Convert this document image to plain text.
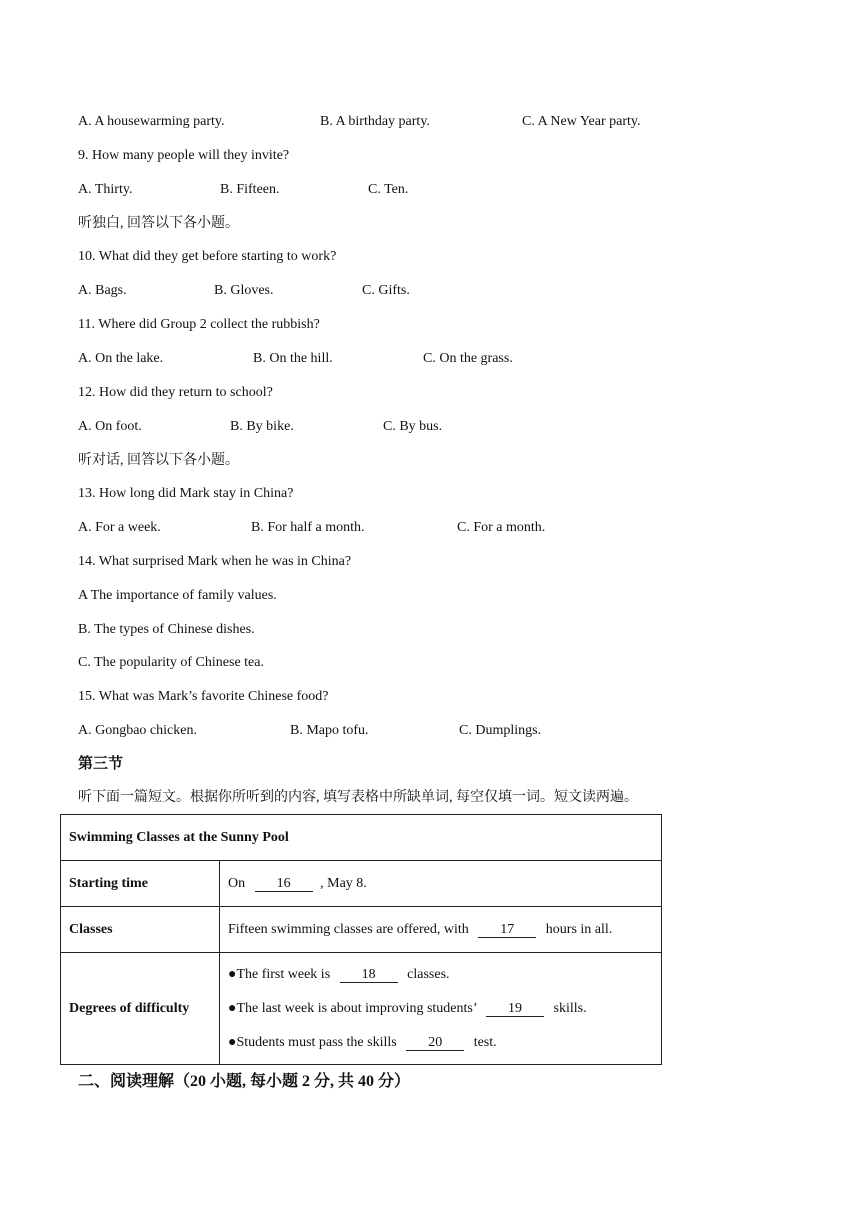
A. A housewarming party.	B. A birthday party.	C. A New Year party.
9. How many people will they invite?
A. Thirty.	B. Fifteen.	C. Ten.
听独白, 回答以下各小题。
10. What did they get before starting to work?
A. Bags.	B. Gloves.	C. Gifts.
11. Where did Group 2 collect the rubbish?
A. On the lake.	B. On the hill.	C. On the grass.
12. How did they return to school?
A. On foot.	B. By bike.	C. By bus.
听对话, 回答以下各小题。
13. How long did Mark stay in China?
A. For a week.	B. For half a month.	C. For a month.
14. What surprised Mark when he was in China?
A The importance of family values.
B. The types of Chinese dishes.
C. The popularity of Chinese tea.
15. What was Mark’s favorite Chinese food?
A. Gongbao chicken.	B. Mapo tofu.	C. Dumplings.
第三节
听下面一篇短文。根据你所听到的内容, 填写表格中所缺单词, 每空仅填一词。短文读两遍。
Swimming Classes at the Sunny Pool	
Starting time	On 16 , May 8.
Classes	Fifteen swimming classes are offered, with 17 hours in all.
Degrees of difficulty	●The first week is 18 classes.
●The last week is about improving students’ 19 skills.
●Students must pass the skills 20 test.
二、阅读理解（20 小题, 每小题 2 分, 共 40 分）
